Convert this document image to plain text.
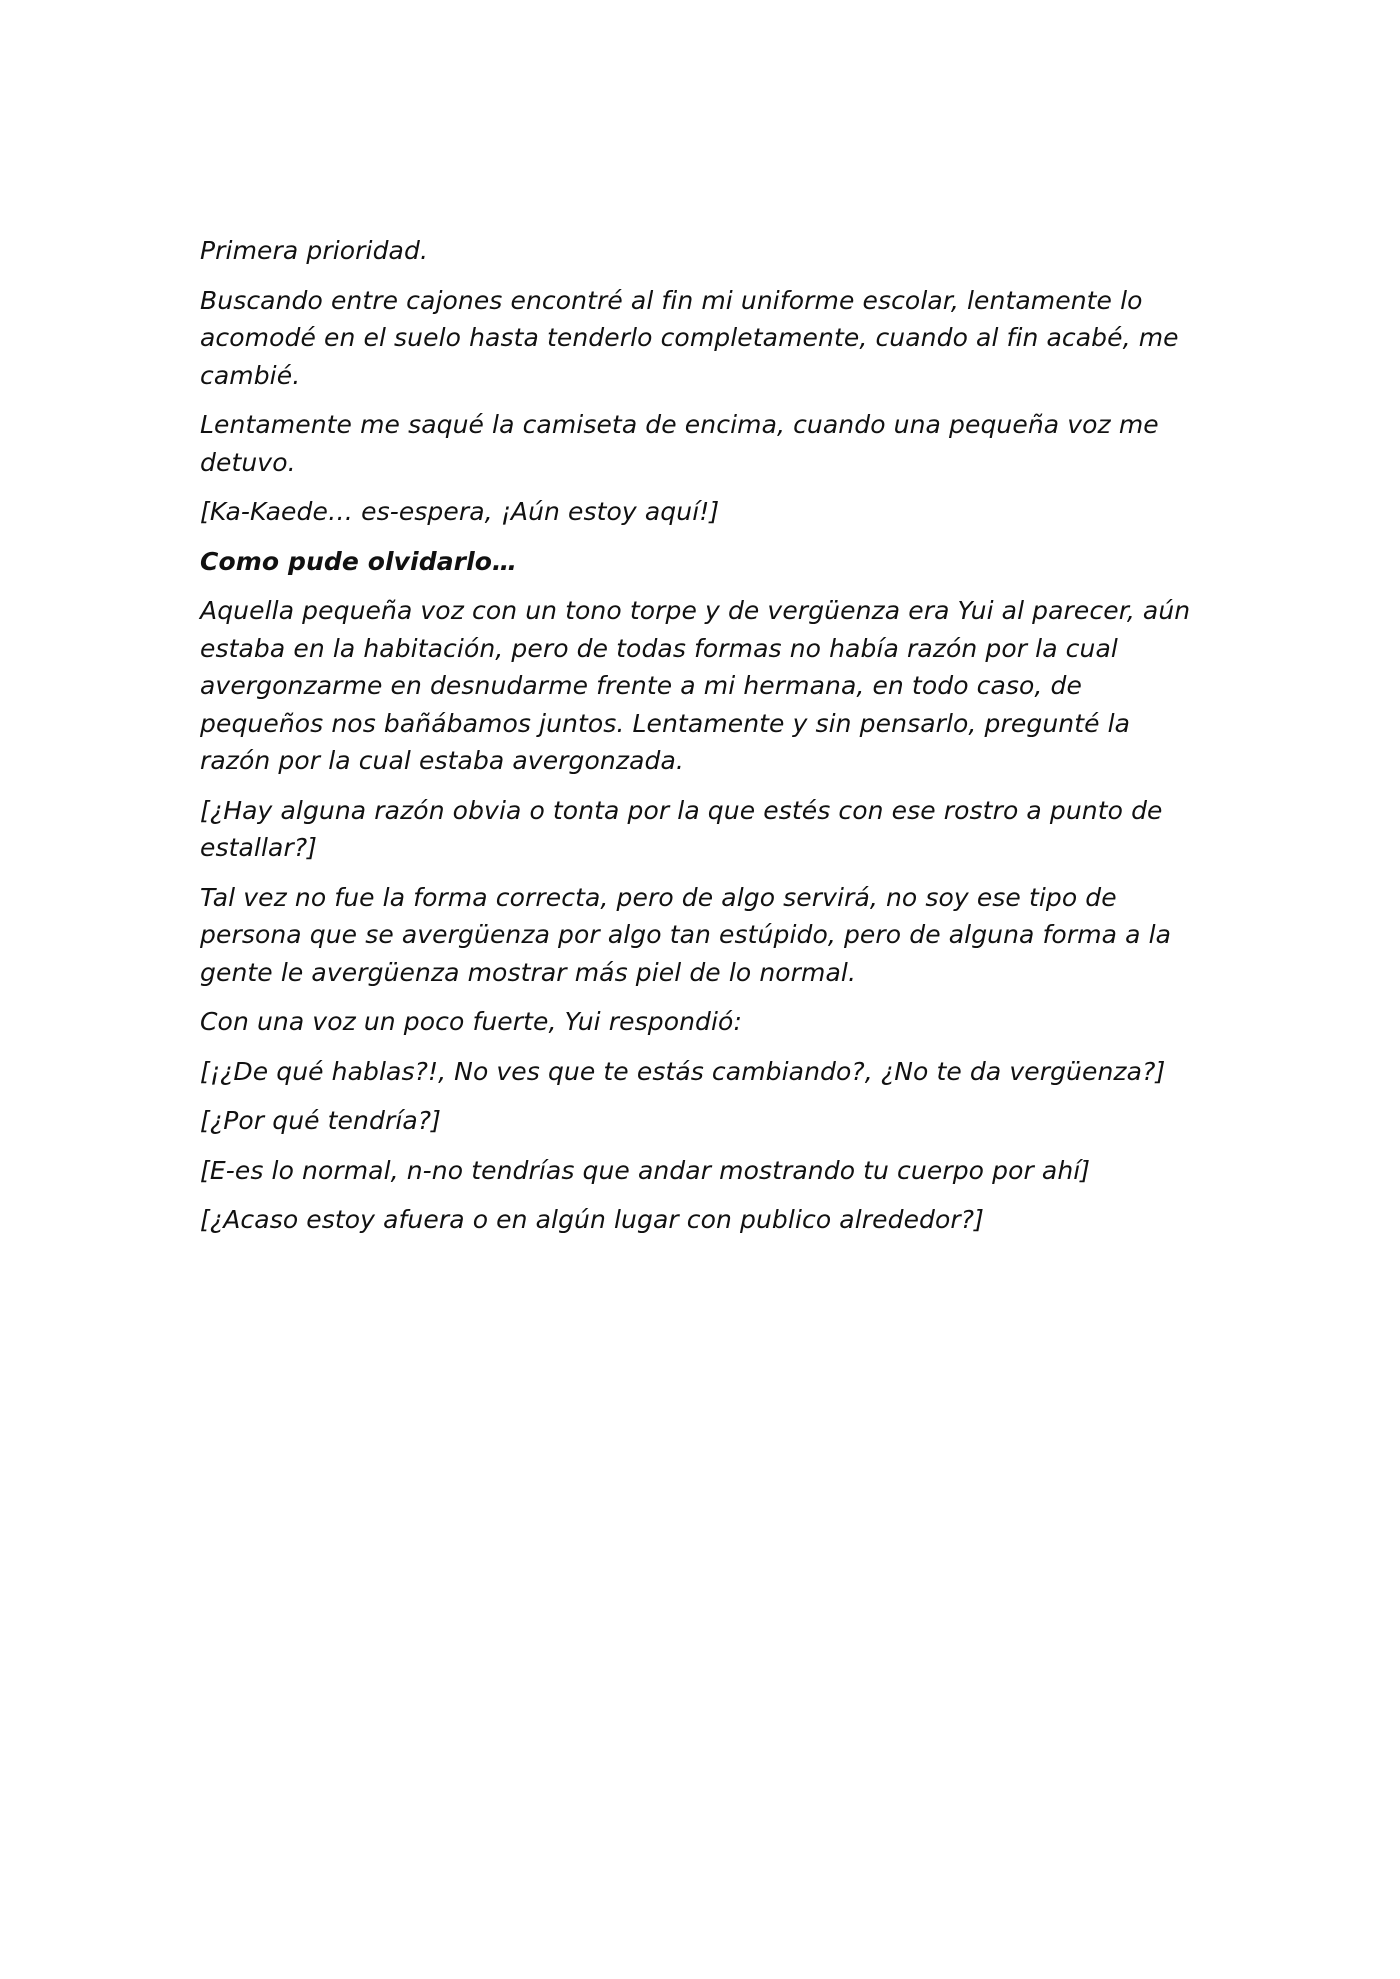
Primera prioridad.

Buscando entre cajones encontré al fin mi uniforme escolar, lentamente lo acomodé en el suelo hasta tenderlo completamente, cuando al fin acabé, me cambié.

Lentamente me saqué la camiseta de encima, cuando una pequeña voz me detuvo.

[Ka-Kaede… es-espera, ¡Aún estoy aquí!]

Como pude olvidarlo…

Aquella pequeña voz con un tono torpe y de vergüenza era Yui al parecer, aún estaba en la habitación, pero de todas formas no había razón por la cual avergonzarme en desnudarme frente a mi hermana, en todo caso, de pequeños nos bañábamos juntos. Lentamente y sin pensarlo, pregunté la razón por la cual estaba avergonzada.

[¿Hay alguna razón obvia o tonta por la que estés con ese rostro a punto de estallar?]

Tal vez no fue la forma correcta, pero de algo servirá, no soy ese tipo de persona que se avergüenza por algo tan estúpido, pero de alguna forma a la gente le avergüenza mostrar más piel de lo normal.

Con una voz un poco fuerte, Yui respondió:

[¡¿De qué hablas?!, No ves que te estás cambiando?, ¿No te da vergüenza?]

[¿Por qué tendría?]

[E-es lo normal, n-no tendrías que andar mostrando tu cuerpo por ahí]

[¿Acaso estoy afuera o en algún lugar con publico alrededor?]
